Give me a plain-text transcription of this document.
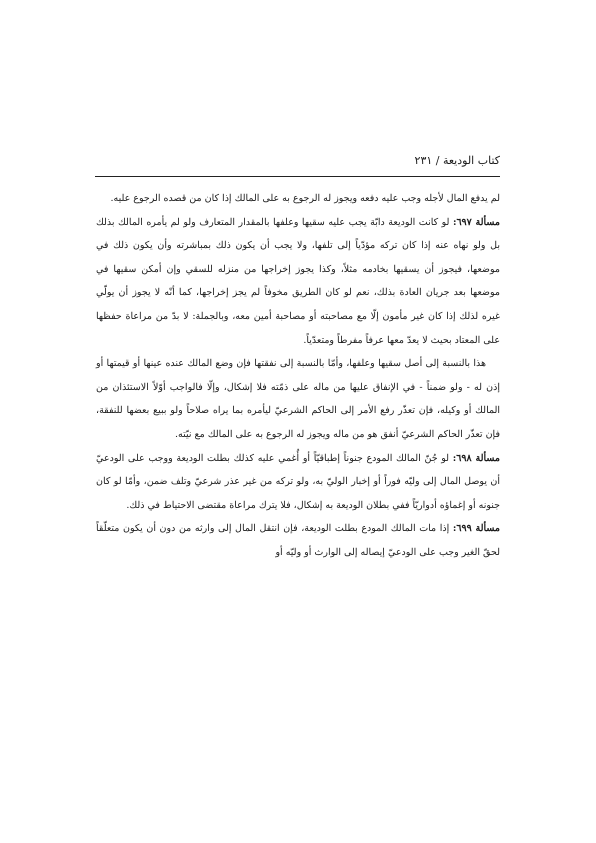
كتاب الوديعة / ٢٣١

لم يدفع المال لأجله وجب عليه دفعه ويجوز له الرجوع به على المالك إذا كان من قصده الرجوع عليه.

مسألة ٦٩٧: لو كانت الوديعة دابّة يجب عليه سقيها وعلفها بالمقدار المتعارف ولو لم يأمره المالك بذلك بل ولو نهاه عنه إذا كان تركه مؤدّياً إلى تلفها، ولا يجب أن يكون ذلك بمباشرته وأن يكون ذلك في موضعها، فيجوز أن يسقيها بخادمه مثلاً، وكذا يجوز إخراجها من منزله للسقي وإن أمكن سقيها في موضعها بعد جريان العادة بذلك، نعم لو كان الطريق مخوفاً لم يجز إخراجها، كما أنّه لا يجوز أن يولّي غيره لذلك إذا كان غير مأمون إلّا مع مصاحبته أو مصاحبة أمين معه، وبالجملة: لا بدّ من مراعاة حفظها على المعتاد بحيث لا يعدّ معها عرفاً مفرطاً ومتعدّياً.

هذا بالنسبة إلى أصل سقيها وعلفها، وأمّا بالنسبة إلى نفقتها فإن وضع المالك عنده عينها أو قيمتها أو إذن له - ولو ضمناً - في الإنفاق عليها من ماله على ذمّته فلا إشكال، وإلّا فالواجب أوّلاً الاستئذان من المالك أو وكيله، فإن تعذّر رفع الأمر إلى الحاكم الشرعيّ ليأمره بما يراه صلاحاً ولو ببيع بعضها للنفقة، فإن تعذّر الحاكم الشرعيّ أنفق هو من ماله ويجوز له الرجوع به على المالك مع نيّته.

مسألة ٦٩٨: لو جُنّ المالك المودع جنوناً إطباقيّاً أو أُغمي عليه كذلك بطلت الوديعة ووجب على الودعيّ أن يوصل المال إلى وليّه فوراً أو إخبار الوليّ به، ولو تركه من غير عذر شرعيّ وتلف ضمن، وأمّا لو كان جنونه أو إغماؤه أدواريّاً ففي بطلان الوديعة به إشكال، فلا يترك مراعاة مقتضى الاحتياط في ذلك.

مسألة ٦٩٩: إذا مات المالك المودع بطلت الوديعة، فإن انتقل المال إلى وارثه من دون أن يكون متعلّقاً لحقّ الغير وجب على الودعيّ إيصاله إلى الوارث أو وليّه أو
